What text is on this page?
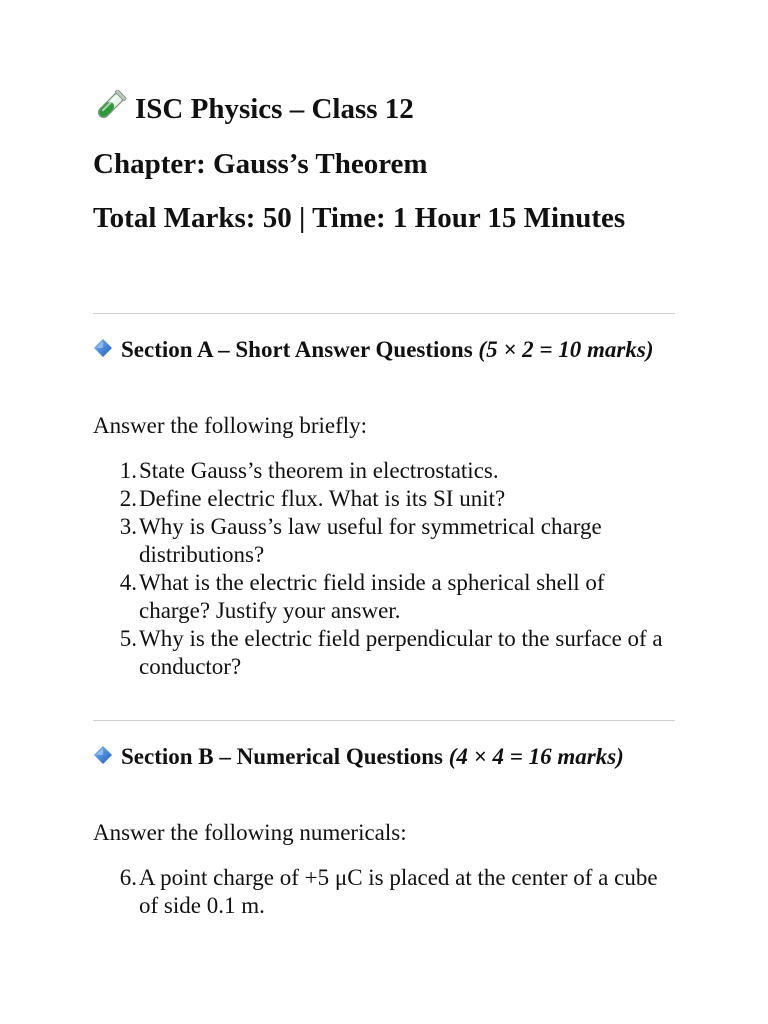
ISC Physics – Class 12
Chapter: Gauss’s Theorem
Total Marks: 50 | Time: 1 Hour 15 Minutes
Section A – Short Answer Questions (5 × 2 = 10 marks)
Answer the following briefly:
1. State Gauss’s theorem in electrostatics.
2. Define electric flux. What is its SI unit?
3. Why is Gauss’s law useful for symmetrical charge distributions?
4. What is the electric field inside a spherical shell of charge? Justify your answer.
5. Why is the electric field perpendicular to the surface of a conductor?
Section B – Numerical Questions (4 × 4 = 16 marks)
Answer the following numericals:
6. A point charge of +5 μC is placed at the center of a cube of side 0.1 m.
